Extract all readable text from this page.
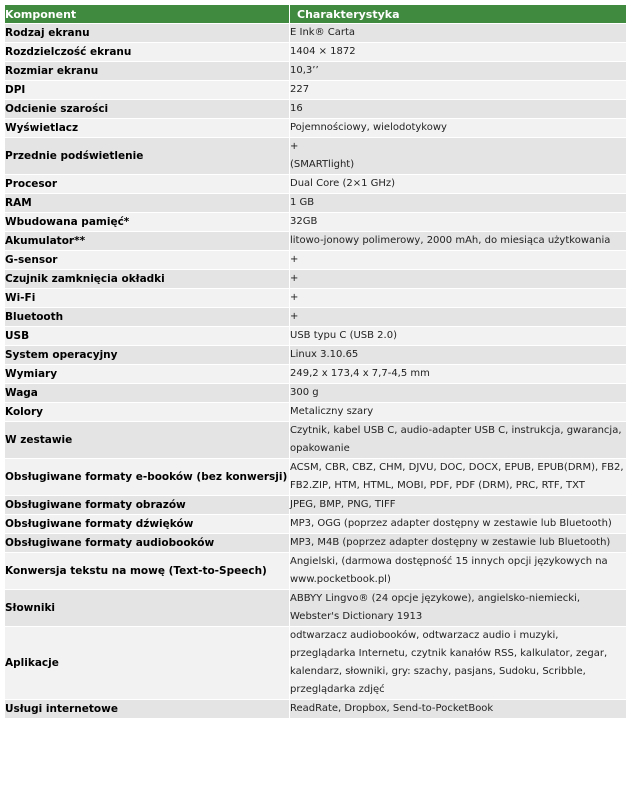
Komponent	Charakterystyka
Rodzaj ekranu	E Ink® Carta
Rozdzielczość ekranu	1404 × 1872
Rozmiar ekranu	10,3’’
DPI	227
Odcienie szarości	16
Wyświetlacz	Pojemnościowy, wielodotykowy
Przednie podświetlenie	+
(SMARTlight)
Procesor	Dual Core (2×1 GHz)
RAM	1 GB
Wbudowana pamięć*	32GB
Akumulator**	litowo-jonowy polimerowy, 2000 mAh, do miesiąca użytkowania
G-sensor	+
Czujnik zamknięcia okładki	+
Wi-Fi	+
Bluetooth	+
USB	USB typu C (USB 2.0)
System operacyjny	Linux 3.10.65
Wymiary	249,2 x 173,4 x 7,7-4,5 mm
Waga	300 g
Kolory	Metaliczny szary
W zestawie	Czytnik, kabel USB C, audio-adapter USB C, instrukcja, gwarancja, opakowanie
Obsługiwane formaty e-booków (bez konwersji)	ACSM, CBR, CBZ, CHM, DJVU, DOC, DOCX, EPUB, EPUB(DRM), FB2, FB2.ZIP, HTM, HTML, MOBI, PDF, PDF (DRM), PRC, RTF, TXT
Obsługiwane formaty obrazów	JPEG, BMP, PNG, TIFF
Obsługiwane formaty dźwięków	MP3, OGG (poprzez adapter dostępny w zestawie lub Bluetooth)
Obsługiwane formaty audiobooków	MP3, M4B (poprzez adapter dostępny w zestawie lub Bluetooth)
Konwersja tekstu na mowę (Text-to-Speech)	Angielski, (darmowa dostępność 15 innych opcji językowych na www.pocketbook.pl)
Słowniki	ABBYY Lingvo® (24 opcje językowe), angielsko-niemiecki, Webster's Dictionary 1913
Aplikacje	odtwarzacz audiobooków, odtwarzacz audio i muzyki, przeglądarka Internetu, czytnik kanałów RSS, kalkulator, zegar, kalendarz, słowniki, gry: szachy, pasjans, Sudoku, Scribble, przeglądarka zdjęć
Usługi internetowe	ReadRate, Dropbox, Send-to-PocketBook
